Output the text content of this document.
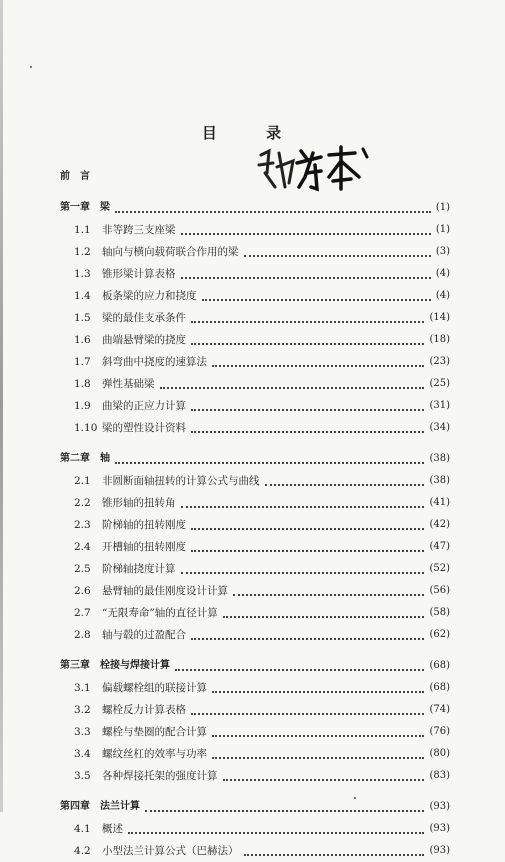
目 录
前　言
第一章	梁	(1)
1.1	非等跨三支座梁	(1)
1.2	轴向与横向载荷联合作用的梁	(3)
1.3	锥形梁计算表格	(4)
1.4	板条梁的应力和挠度	(4)
1.5	梁的最佳支承条件	(14)
1.6	曲端悬臂梁的挠度	(18)
1.7	斜弯曲中挠度的速算法	(23)
1.8	弹性基础梁	(25)
1.9	曲梁的正应力计算	(31)
1.10 梁的塑性设计资料	(34)
第二章	轴	(38)
2.1	非圆断面轴扭转的计算公式与曲线	(38)
2.2	锥形轴的扭转角	(41)
2.3	阶梯轴的扭转刚度	(42)
2.4	开槽轴的扭转刚度	(47)
2.5	阶梯轴挠度计算	(52)
2.6	悬臂轴的最佳刚度设计计算	(56)
2.7	“无限寿命”轴的直径计算	(58)
2.8	轴与毂的过盈配合	(62)
第三章	栓接与焊接计算	(68)
3.1	偏载螺栓组的联接计算	(68)
3.2	螺栓反力计算表格	(74)
3.3	螺栓与垫圈的配合计算	(76)
3.4	螺纹丝杠的效率与功率	(80)
3.5	各种焊接托架的强度计算	(83)
第四章	法兰计算	(93)
4.1	概述	(93)
4.2	小型法兰计算公式（巴赫法）	(93)
